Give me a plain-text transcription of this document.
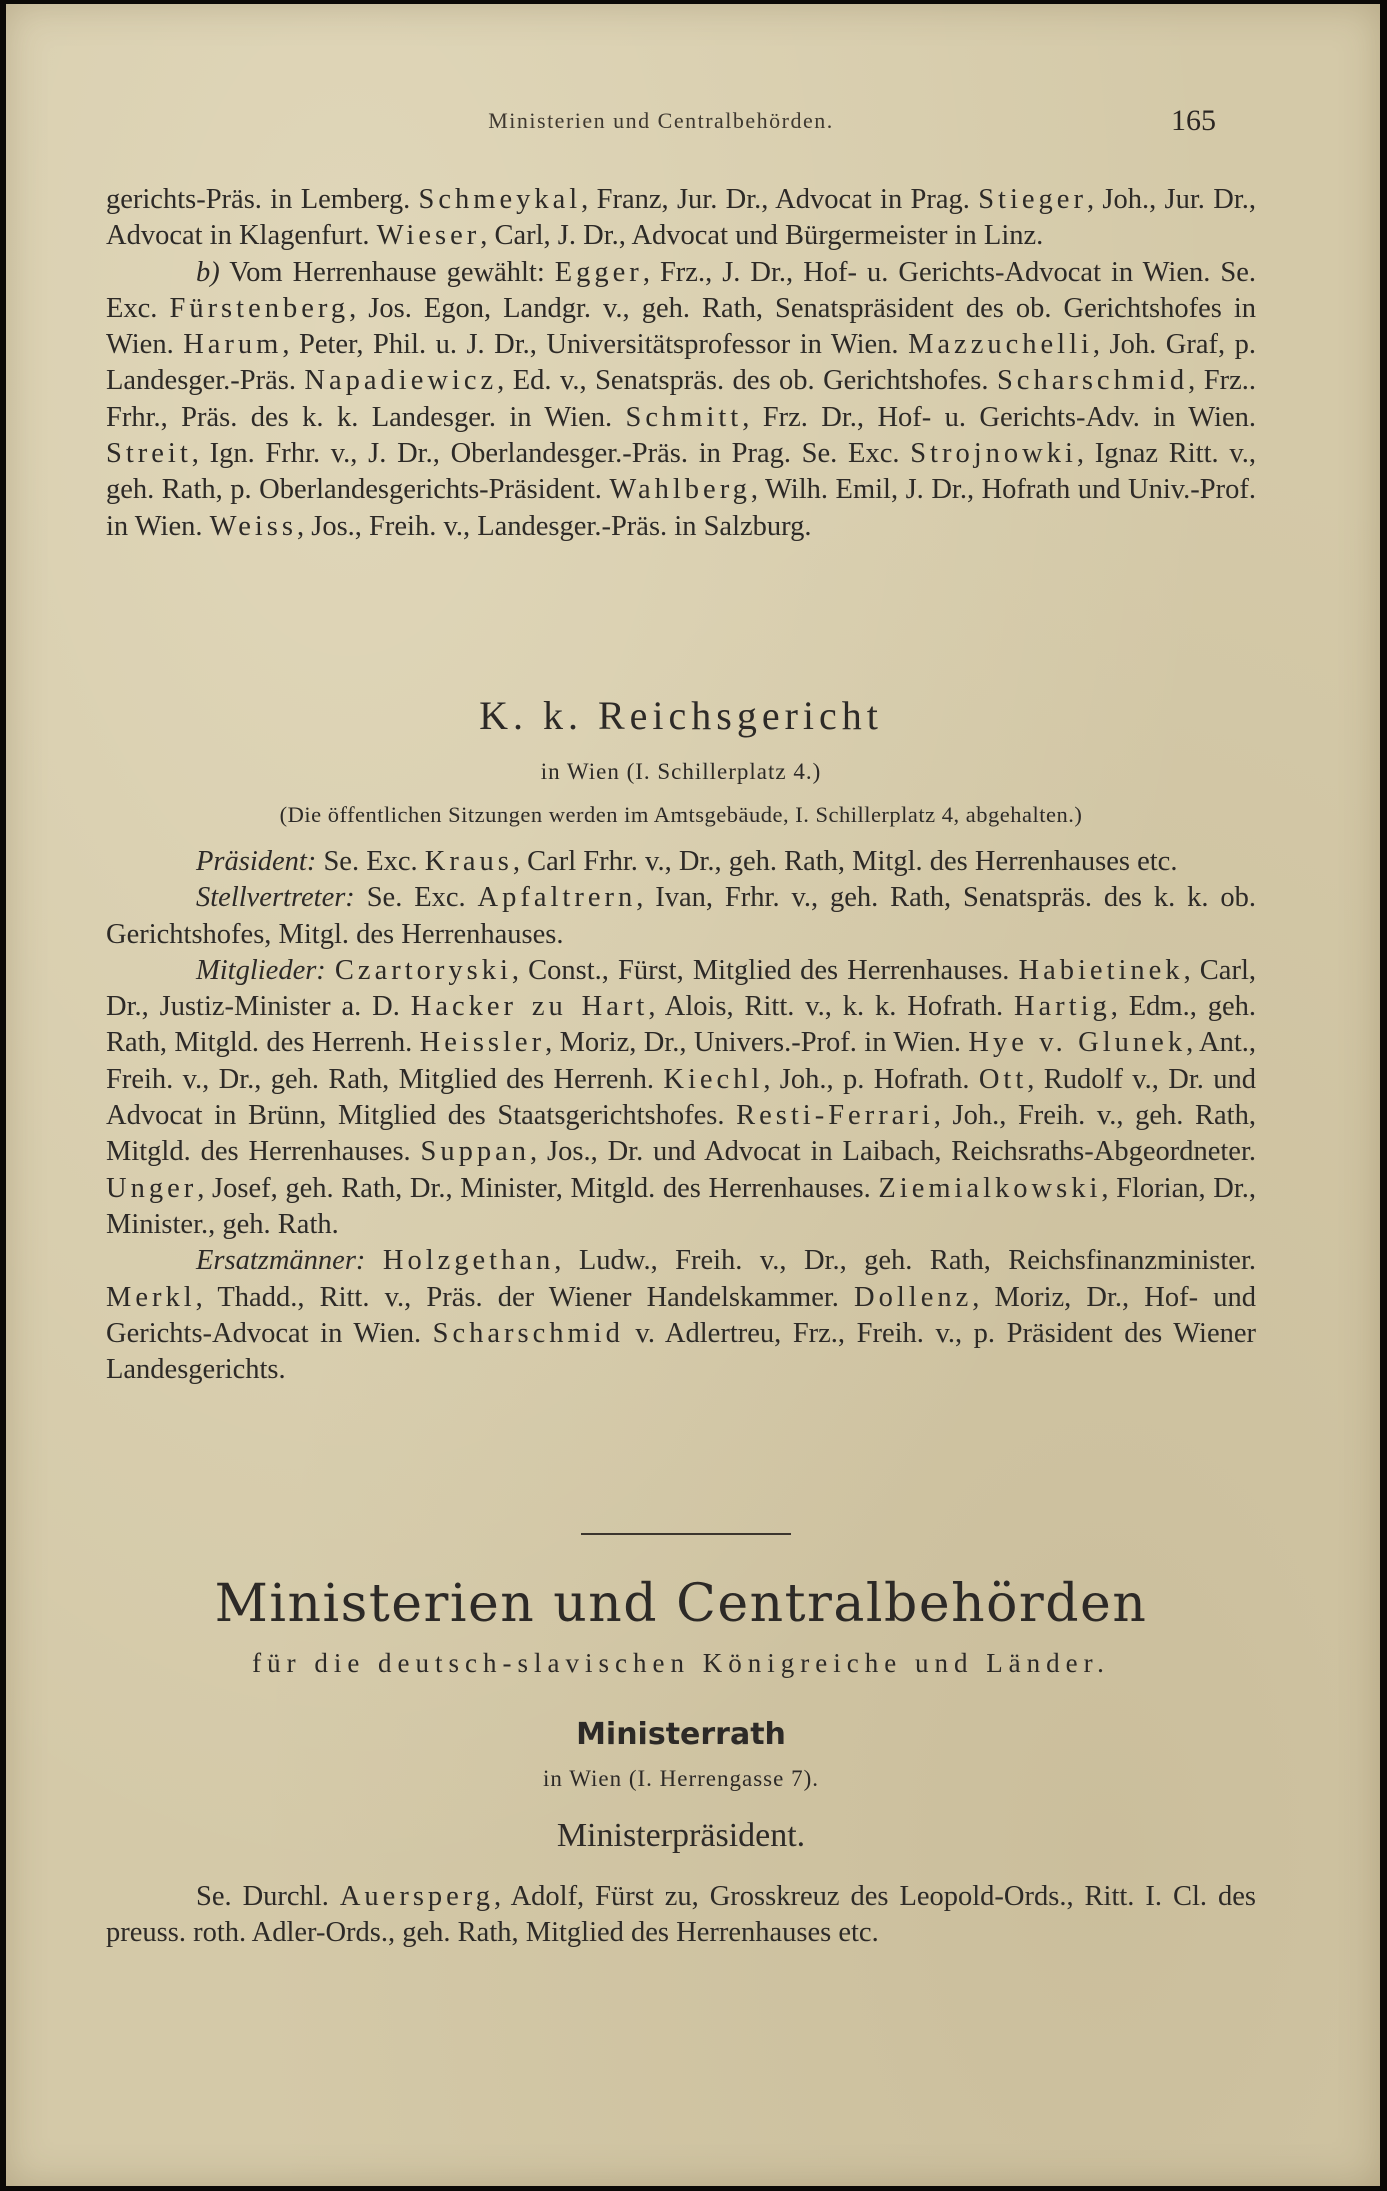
Ministerien und Centralbehörden.	165

gerichts-Präs. in Lemberg. Schmeykal, Franz, Jur. Dr., Advocat in Prag. Stieger, Joh., Jur. Dr., Advocat in Klagenfurt. Wieser, Carl, J. Dr., Advocat und Bürgermeister in Linz.

b) Vom Herrenhause gewählt: Egger, Frz., J. Dr., Hof- u. Gerichts-Advocat in Wien. Se. Exc. Fürstenberg, Jos. Egon, Landgr. v., geh. Rath, Senatspräsident des ob. Gerichtshofes in Wien. Harum, Peter, Phil. u. J. Dr., Universitätsprofessor in Wien. Mazzuchelli, Joh. Graf, p. Landesger.-Präs. Napadiewicz, Ed. v., Senatspräs. des ob. Gerichtshofes. Scharschmid, Frz.. Frhr., Präs. des k. k. Landesger. in Wien. Schmitt, Frz. Dr., Hof- u. Gerichts-Adv. in Wien. Streit, Ign. Frhr. v., J. Dr., Oberlandesger.-Präs. in Prag. Se. Exc. Strojnowki, Ignaz Ritt. v., geh. Rath, p. Oberlandesgerichts-Präsident. Wahlberg, Wilh. Emil, J. Dr., Hofrath und Univ.-Prof. in Wien. Weiss, Jos., Freih. v., Landesger.-Präs. in Salzburg.

K. k. Reichsgericht
in Wien (I. Schillerplatz 4.)
(Die öffentlichen Sitzungen werden im Amtsgebäude, I. Schillerplatz 4, abgehalten.)

Präsident: Se. Exc. Kraus, Carl Frhr. v., Dr., geh. Rath, Mitgl. des Herrenhauses etc.

Stellvertreter: Se. Exc. Apfaltrern, Ivan, Frhr. v., geh. Rath, Senatspräs. des k. k. ob. Gerichtshofes, Mitgl. des Herrenhauses.

Mitglieder: Czartoryski, Const., Fürst, Mitglied des Herrenhauses. Habietinek, Carl, Dr., Justiz-Minister a. D. Hacker zu Hart, Alois, Ritt. v., k. k. Hofrath. Hartig, Edm., geh. Rath, Mitgld. des Herrenh. Heissler, Moriz, Dr., Univers.-Prof. in Wien. Hye v. Glunek, Ant., Freih. v., Dr., geh. Rath, Mitglied des Herrenh. Kiechl, Joh., p. Hofrath. Ott, Rudolf v., Dr. und Advocat in Brünn, Mitglied des Staatsgerichtshofes. Resti-Ferrari, Joh., Freih. v., geh. Rath, Mitgld. des Herrenhauses. Suppan, Jos., Dr. und Advocat in Laibach, Reichsraths-Abgeordneter. Unger, Josef, geh. Rath, Dr., Minister, Mitgld. des Herrenhauses. Ziemialkowski, Florian, Dr., Minister., geh. Rath.

Ersatzmänner: Holzgethan, Ludw., Freih. v., Dr., geh. Rath, Reichsfinanzminister. Merkl, Thadd., Ritt. v., Präs. der Wiener Handelskammer. Dollenz, Moriz, Dr., Hof- und Gerichts-Advocat in Wien. Scharschmid v. Adlertreu, Frz., Freih. v., p. Präsident des Wiener Landesgerichts.

Ministerien und Centralbehörden
für die deutsch-slavischen Königreiche und Länder.
Ministerrath
in Wien (I. Herrengasse 7).
Ministerpräsident.

Se. Durchl. Auersperg, Adolf, Fürst zu, Grosskreuz des Leopold-Ords., Ritt. I. Cl. des preuss. roth. Adler-Ords., geh. Rath, Mitglied des Herrenhauses etc.
